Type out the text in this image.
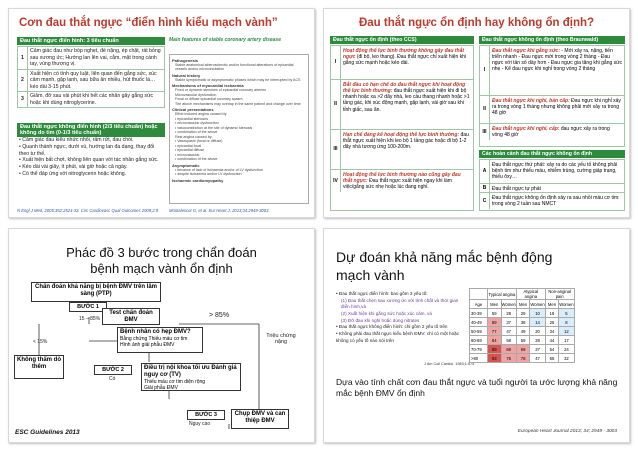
Cơn đau thắt ngực “điển hình kiểu mạch vành”
Đau thắt ngực điển hình: 3 tiêu chuẩn
1	Cảm giác đau như bóp nghẹt, đè nặng, ép chặt, rát bỏng sau xương ức; Hướng lan lên vai, cằm, mặt trong cánh tay, vùng thượng vị.
2	Xuất hiện có tính quy luật, liên quan đến gắng sức, xúc cảm mạnh, gặp lạnh, sau bữa ăn nhiều, hút thuốc lá… kéo dài 3-15 phút.
3	Giảm, đỡ sau vài phút khi hết các nhân gây gắng sức hoặc khi dùng nitroglycerine.
Đau thắt ngực không điển hình (2/3 tiêu chuẩn) hoặc không do tim (0-1/3 tiêu chuẩn)
• Cảm giác đau kiểu nhức nhối, rấm rứt, đau chói.
• Quanh thành ngực, dưới vú, hướng lan đa dạng, thay đổi theo tư thế.
• Xuất hiện bất chợt, không liên quan với tác nhân gắng sức.
• Kéo dài vài giây, ít phút, vài giờ hoặc cả ngày.
• Có thể đáp ứng với nitroglycerin hoặc không.
N Engl J Med, 2005;352:2524-33. Circ Cardiovasc Qual Outcomes 2009;2:9
Main features of stable coronary artery disease
Pathogenesis
Stable anatomical atherosclerotic and/or functional alterations of epicardial vessels and/or microcirculation
Natural history
Stable symptomatic or asymptomatic phases which may be interrupted by ACS
Mechanisms of myocardial ischaemia
Fixed or dynamic stenoses of epicardial coronary arteries
Microvascular dysfunction
Focal or diffuse epicardial coronary spasm
The above mechanisms may overlap in the same patient and change over time
Clinical presentations
Effort induced angina caused by:
• epicardial stenoses
• microvascular dysfunction
• vasoconstriction at the site of dynamic stenosis
• combination of the above
Rest angina caused by:
• Vasospasm (focal or diffuse)
• epicardial focal
• epicardial diffuse
• microvascular
• combination of the above
Asymptomatic
• because of lack of ischaemia and/or of LV dysfunction
• despite ischaemia and/or LV dysfunction
Ischaemic cardiomyopathy
Montalescot G, et al. Eur Heart J, 2013;34:2949-3003
Đau thắt ngực ổn định hay không ổn định?
Đau thắt ngực ổn định (theo CCS)
I
Hoạt động thể lực bình thường không gây đau thắt ngực (đi bộ, leo thang). Đau thắt ngực chỉ xuất hiện khi gắng sức mạnh hoặc kéo dài.
II
Bắt đầu có hạn chế do đau thắt ngực khi hoạt động thể lực bình thường: đau thắt ngực xuất hiện khi đi bộ nhanh hoặc xa >2 dãy nhà, leo cầu thang nhanh hoặc >1 tầng gác, khi xúc động mạnh, gặp lạnh, vài giờ sau khi tỉnh giấc, sau ăn.
III
Hạn chế đáng kể hoạt động thể lực bình thường: đau thắt ngực xuất hiện khi leo bộ 1 tầng gác hoặc đi bộ 1-2 dãy nhà tương ứng 100-200m.
IV
Hoạt động thể lực bình thường nào cũng gây đau thắt ngực: Đau thắt ngực xuất hiện ngay khi làm việc/gắng sức nhẹ hoặc lúc đang nghỉ.
Đau thắt ngực không ổn định (theo Braunwald)
I
Đau thắt ngực khi gắng sức: - Mới xảy ra, nặng, tiến triển nhanh - Đau ngực mới trong vòng 2 tháng - Đau ngực với tần số dày hơn - Đau ngực gia tăng khi gắng sức nhẹ - Kể đau ngực khi nghỉ trong vòng 2 tháng
II
Đau thắt ngực khi nghỉ, bán cấp: Đau ngực khi nghỉ xảy ra trong vòng 1 tháng nhưng không phải mới xảy ra trong 48 giờ
III
Đau thắt ngực khi nghỉ, cấp: đau ngực xảy ra trong vòng 48 giờ
Các hoàn cảnh đau thắt ngực không ổn định
A
Đau thắt ngực thứ phát: xảy ra do các yếu tố không phải bệnh tim như thiếu máu, nhiễm trùng, cường giáp trạng, thiếu ôxy…
B	Đau thắt ngực tự phát
C
Đau thắt ngực không ổn định xảy ra sau nhồi máu cơ tim: trong vòng 2 tuần sau NMCT
Phác đồ 3 bước trong chẩn đoán
bệnh mạch vành ổn định
Chẩn đoán khả năng bị bệnh ĐMV trên lâm sàng (PTP)
BƯỚC 1
15 – 85%
< 15%
> 85%
Test chẩn đoán ĐMV
Không thấm dò thêm
Bệnh nhân có hẹp ĐMV?
Bằng chứng Thiếu máu cơ tim
Hình ảnh giải phẫu ĐMV
BƯỚC 2
Có
Điều trị nội khoa tối ưu Đánh giá nguy cơ (TV)
Thiếu máu cơ tim diện rộng
Giải phẫu ĐMV
Triệu chứng nặng
BƯỚC 3
Nguy cao
Chụp ĐMV và can thiệp ĐMV
ESC Guidelines 2013
Dự đoán khả năng mắc bệnh động
mạch vành
• Đau thắt ngực điển hình: bao gồm 3 yếu tố:
(1) Đau thắt chẹn sau xương ức với tính chất và thời gian điển hình,và
(2) Xuất hiện khi gắng sức hoặc xúc cảm, và
(3) Đỡ đau khi nghỉ hoặc dùng nitrates
• Đau thắt ngực không điển hình: chỉ gồm 2 yếu tố trên
• Không phải đau thắt ngực kiểu bệnh ĐMV: chỉ có một hoặc không có yếu tố nào nói trên
J Am Coll Cardiol. 1983;1:574
	Typical angina		Atypical angina		Non-anginal pain	
Age	Men	Women	Men	Women	Men	Women
30-39	59	28	29	10	18	5
40-49	69	37	38	14	25	8
50-59	77	47	49	20	34	12
60-69	84	58	59	28	44	17
70-79	89	68	69	37	54	24
>80	93	76	78	47	65	32
Dựa vào tính chất cơn đau thắt ngực và tuổi người ta ước lượng khả năng mắc bệnh ĐMV ổn định
European Heart Journal 2013; 34; 2949 - 3003
